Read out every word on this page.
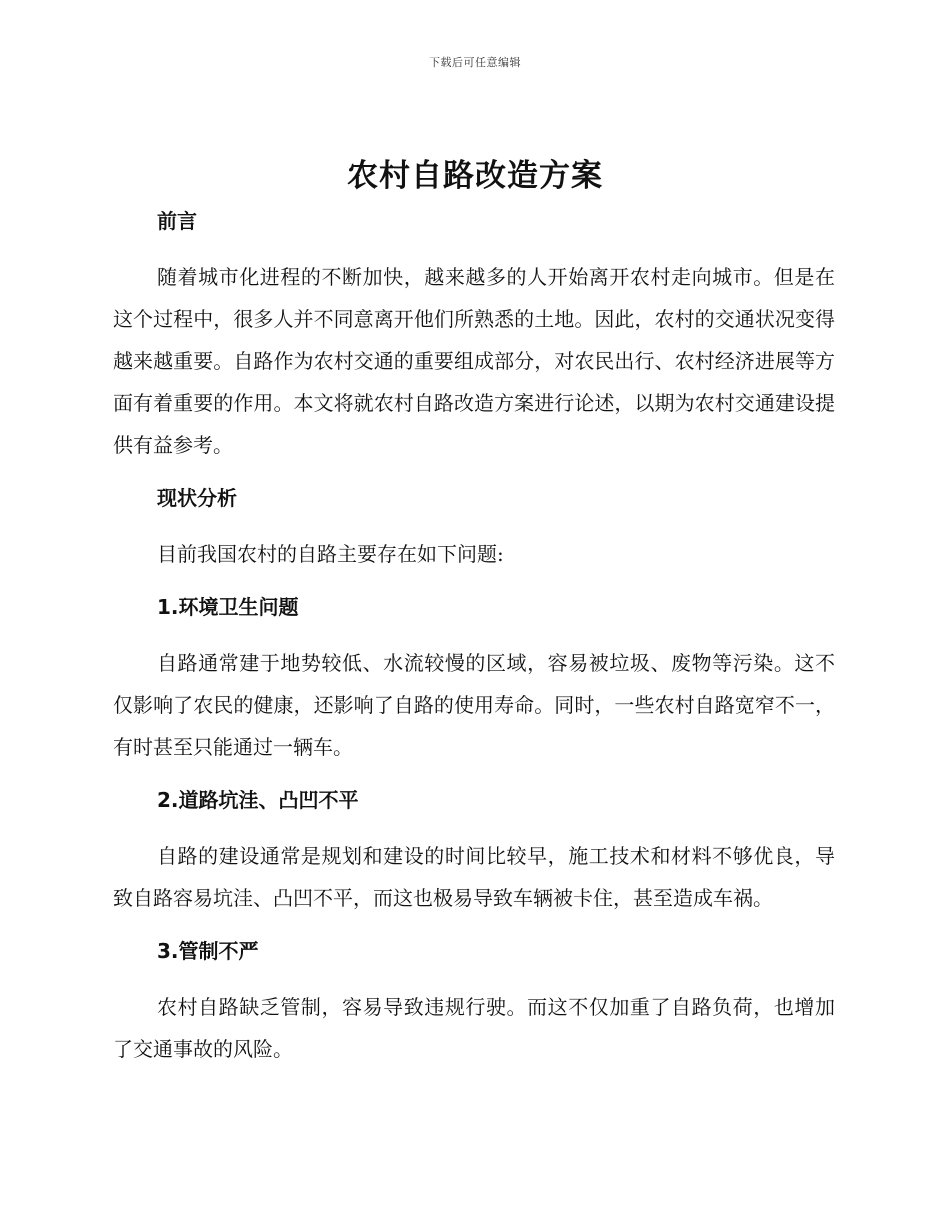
下载后可任意编辑
农村自路改造方案
前言

随着城市化进程的不断加快，越来越多的人开始离开农村走向城市。但是在这个过程中，很多人并不同意离开他们所熟悉的土地。因此，农村的交通状况变得越来越重要。自路作为农村交通的重要组成部分，对农民出行、农村经济进展等方面有着重要的作用。本文将就农村自路改造方案进行论述，以期为农村交通建设提供有益参考。

现状分析

目前我国农村的自路主要存在如下问题:

1.环境卫生问题

自路通常建于地势较低、水流较慢的区域，容易被垃圾、废物等污染。这不仅影响了农民的健康，还影响了自路的使用寿命。同时，一些农村自路宽窄不一，有时甚至只能通过一辆车。

2.道路坑洼、凸凹不平

自路的建设通常是规划和建设的时间比较早，施工技术和材料不够优良，导致自路容易坑洼、凸凹不平，而这也极易导致车辆被卡住，甚至造成车祸。

3.管制不严

农村自路缺乏管制，容易导致违规行驶。而这不仅加重了自路负荷，也增加了交通事故的风险。
